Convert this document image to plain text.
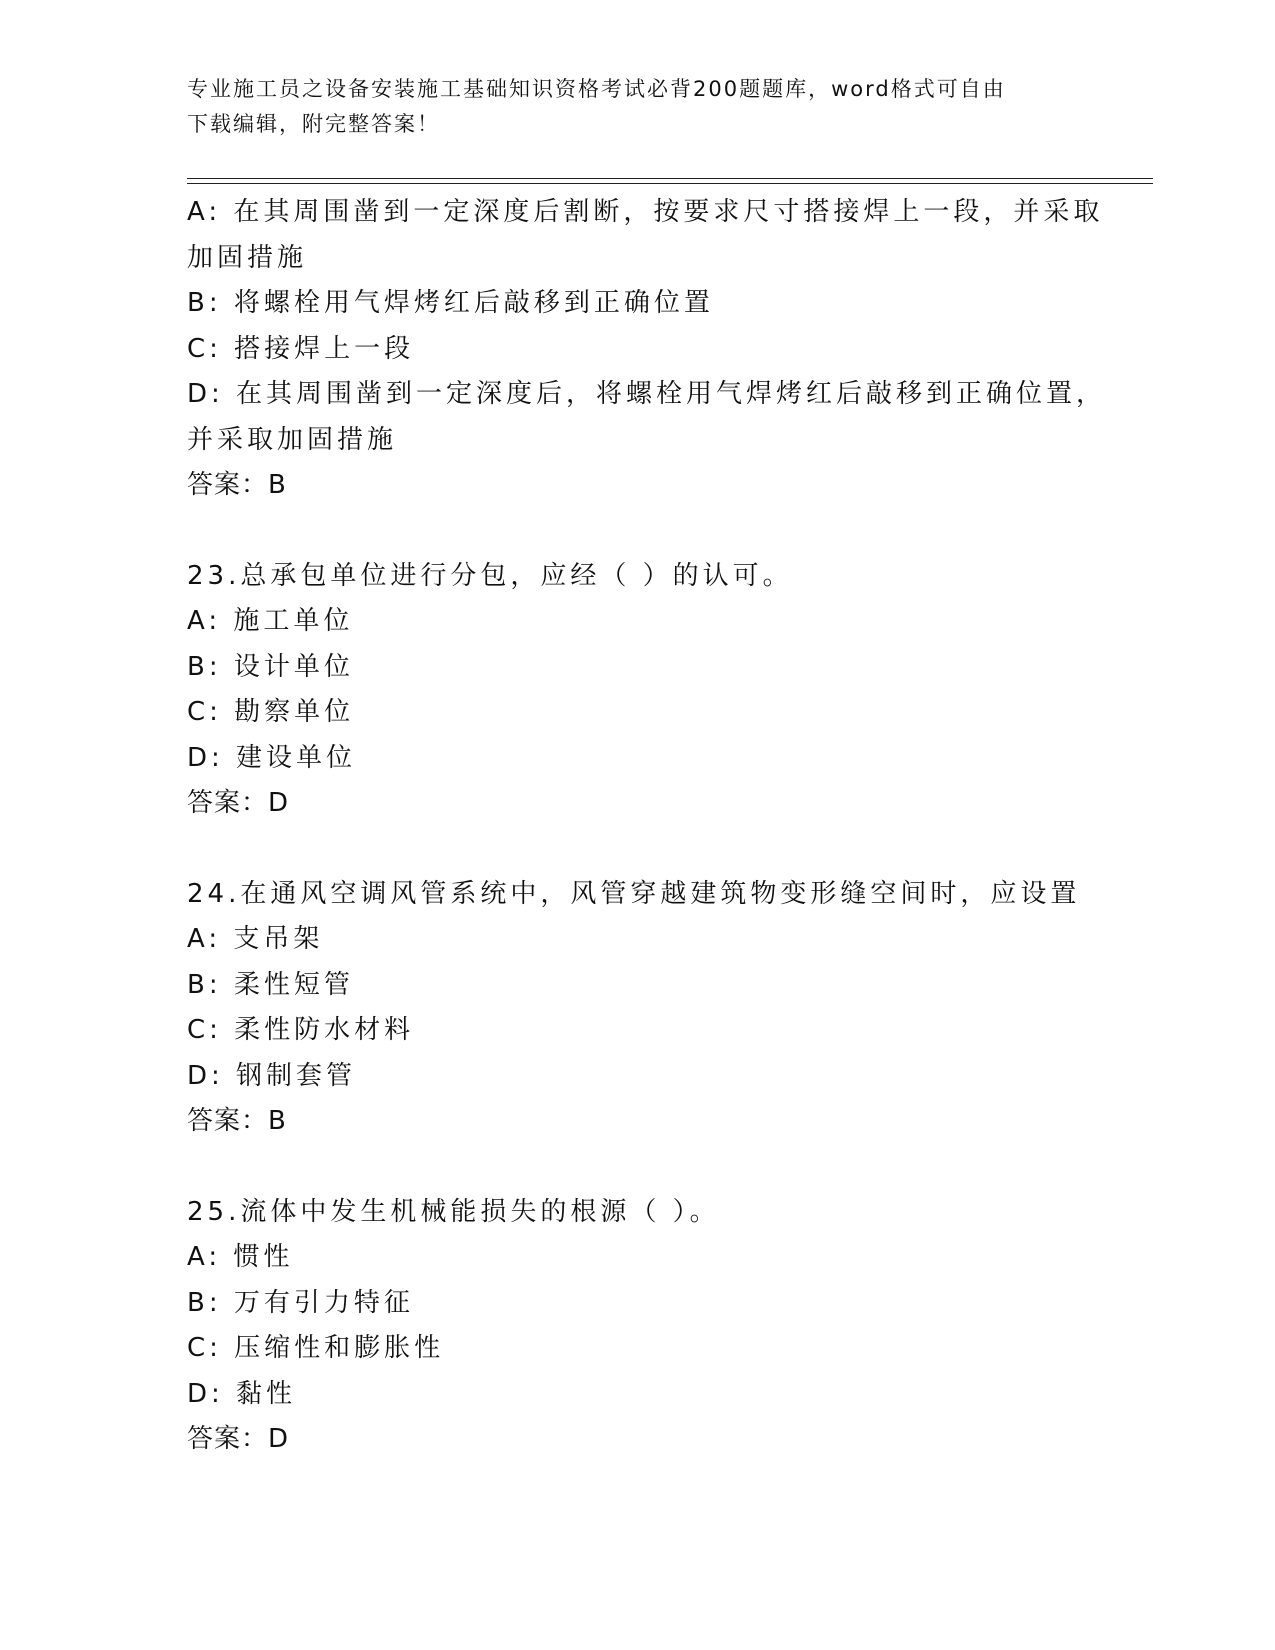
专业施工员之设备安装施工基础知识资格考试必背200题题库，word格式可自由
下载编辑，附完整答案！
A: 在其周围凿到一定深度后割断，按要求尺寸搭接焊上一段，并采取
加固措施
B: 将螺栓用气焊烤红后敲移到正确位置
C: 搭接焊上一段
D: 在其周围凿到一定深度后，将螺栓用气焊烤红后敲移到正确位置，
并采取加固措施
答案：B
23.总承包单位进行分包，应经（ ）的认可。
A: 施工单位
B: 设计单位
C: 勘察单位
D: 建设单位
答案：D
24.在通风空调风管系统中，风管穿越建筑物变形缝空间时，应设置
A: 支吊架
B: 柔性短管
C: 柔性防水材料
D: 钢制套管
答案：B
25.流体中发生机械能损失的根源（ ）。
A: 惯性
B: 万有引力特征
C: 压缩性和膨胀性
D: 黏性
答案：D
